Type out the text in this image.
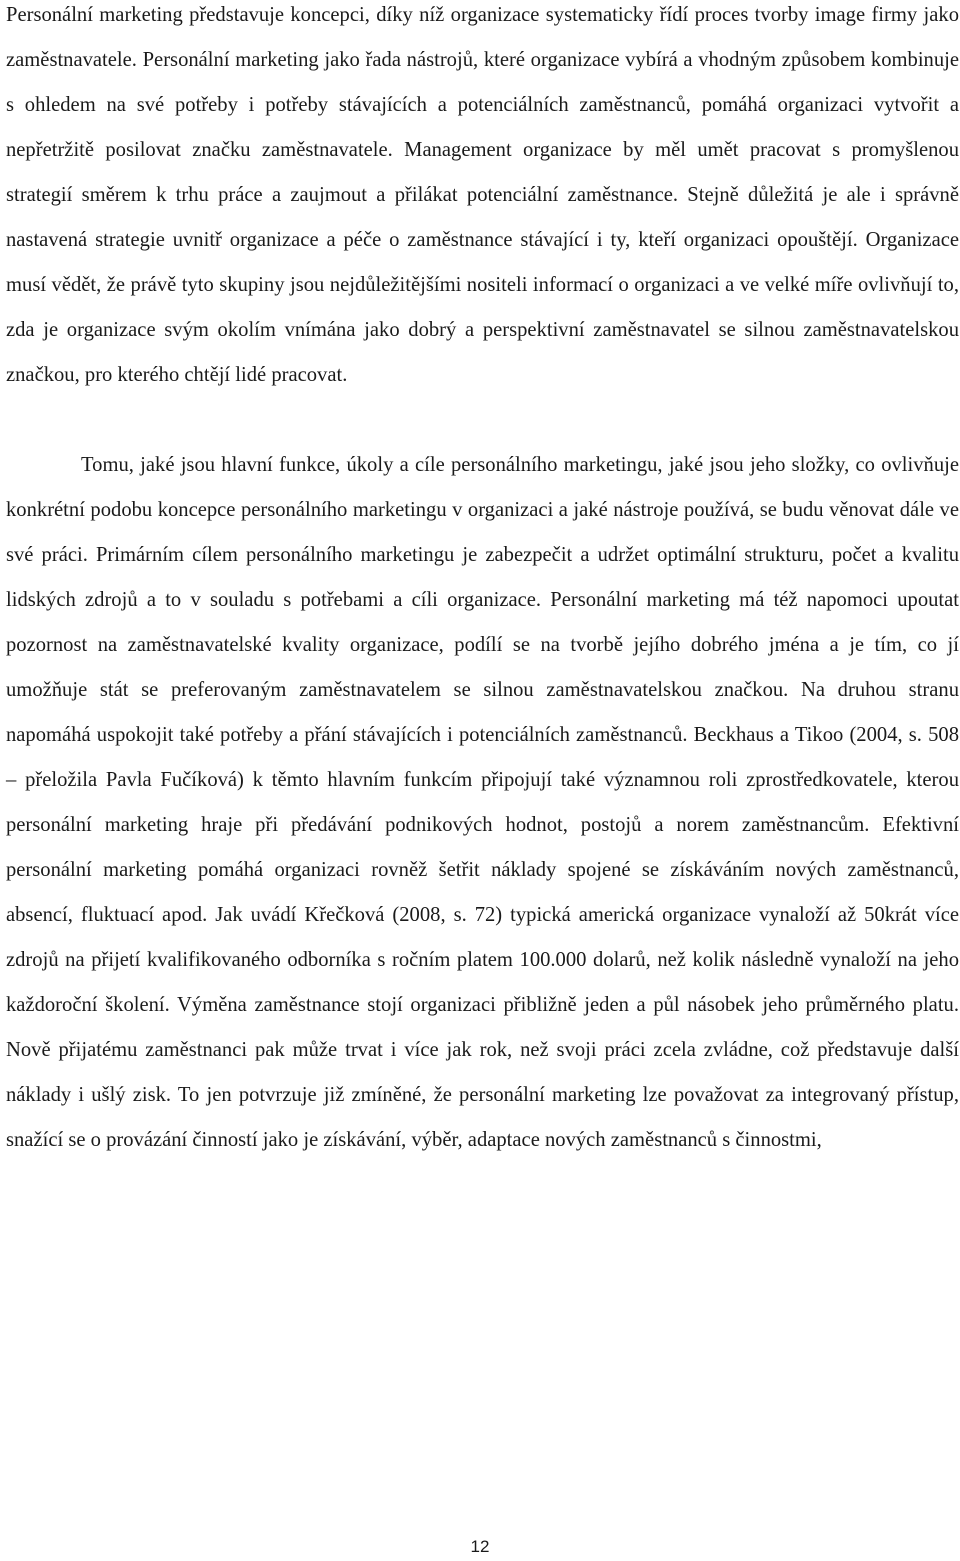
Personální marketing představuje koncepci, díky níž organizace systematicky řídí proces tvorby image firmy jako zaměstnavatele. Personální marketing jako řada nástrojů, které organizace vybírá a vhodným způsobem kombinuje s ohledem na své potřeby i potřeby stávajících a potenciálních zaměstnanců, pomáhá organizaci vytvořit a nepřetržitě posilovat značku zaměstnavatele. Management organizace by měl umět pracovat s promyšlenou strategií směrem k trhu práce a zaujmout a přilákat potenciální zaměstnance. Stejně důležitá je ale i správně nastavená strategie uvnitř organizace a péče o zaměstnance stávající i ty, kteří organizaci opouštějí. Organizace musí vědět, že právě tyto skupiny jsou nejdůležitějšími nositeli informací o organizaci a ve velké míře ovlivňují to, zda je organizace svým okolím vnímána jako dobrý a perspektivní zaměstnavatel se silnou zaměstnavatelskou značkou, pro kterého chtějí lidé pracovat.

Tomu, jaké jsou hlavní funkce, úkoly a cíle personálního marketingu, jaké jsou jeho složky, co ovlivňuje konkrétní podobu koncepce personálního marketingu v organizaci a jaké nástroje používá, se budu věnovat dále ve své práci. Primárním cílem personálního marketingu je zabezpečit a udržet optimální strukturu, počet a kvalitu lidských zdrojů a to v souladu s potřebami a cíli organizace. Personální marketing má též napomoci upoutat pozornost na zaměstnavatelské kvality organizace, podílí se na tvorbě jejího dobrého jména a je tím, co jí umožňuje stát se preferovaným zaměstnavatelem se silnou zaměstnavatelskou značkou. Na druhou stranu napomáhá uspokojit také potřeby a přání stávajících i potenciálních zaměstnanců. Beckhaus a Tikoo (2004, s. 508 – přeložila Pavla Fučíková) k těmto hlavním funkcím připojují také významnou roli zprostředkovatele, kterou personální marketing hraje při předávání podnikových hodnot, postojů a norem zaměstnancům. Efektivní personální marketing pomáhá organizaci rovněž šetřit náklady spojené se získáváním nových zaměstnanců, absencí, fluktuací apod. Jak uvádí Křečková (2008, s. 72) typická americká organizace vynaloží až 50krát více zdrojů na přijetí kvalifikovaného odborníka s ročním platem 100.000 dolarů, než kolik následně vynaloží na jeho každoroční školení. Výměna zaměstnance stojí organizaci přibližně jeden a půl násobek jeho průměrného platu. Nově přijatému zaměstnanci pak může trvat i více jak rok, než svoji práci zcela zvládne, což představuje další náklady i ušlý zisk. To jen potvrzuje již zmíněné, že personální marketing lze považovat za integrovaný přístup, snažící se o provázání činností jako je získávání, výběr, adaptace nových zaměstnanců s činnostmi,

12
